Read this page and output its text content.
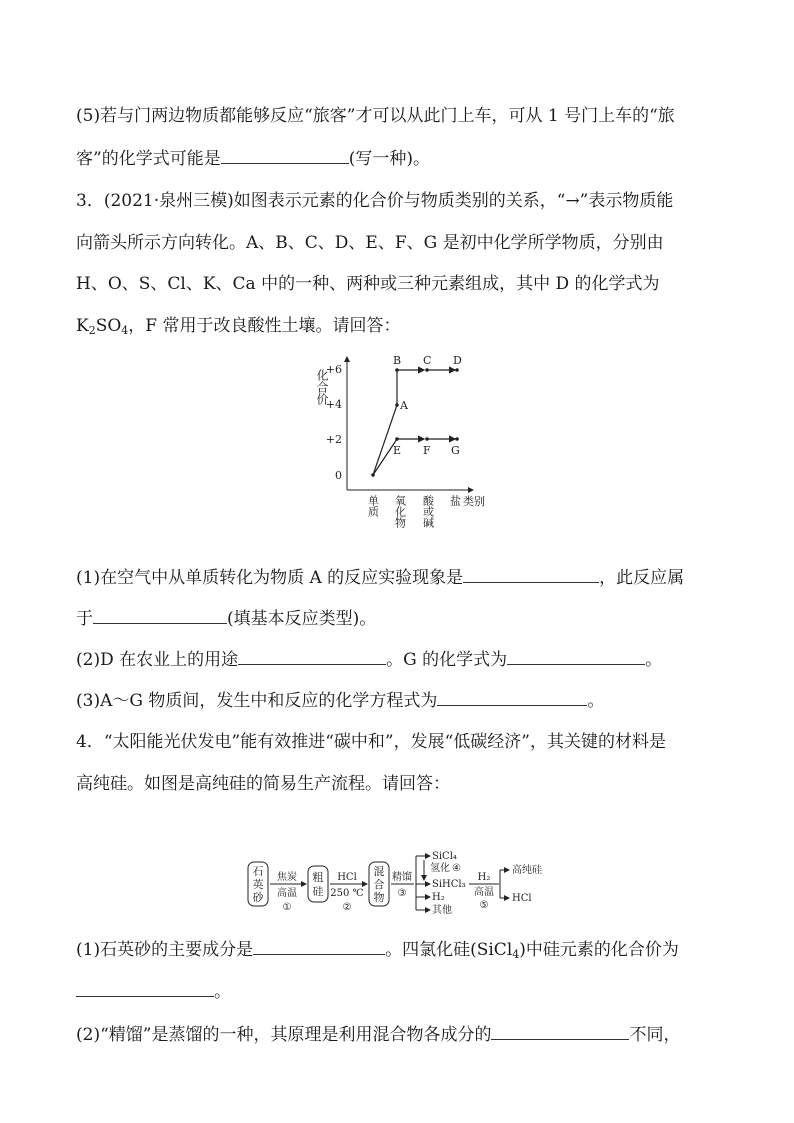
(5)若与门两边物质都能够反应“旅客”才可以从此门上车，可从 1 号门上车的“旅
客”的化学式可能是	(写一种)。
3．(2021·泉州三模)如图表示元素的化合价与物质类别的关系，“→”表示物质能
向箭头所示方向转化。A、B、C、D、E、F、G 是初中化学所学物质，分别由
H、O、S、Cl、K、Ca 中的一种、两种或三种元素组成，其中 D 的化学式为
$K_2SO_4$，F 常用于改良酸性土壤。请回答：
化合价
+6
+4
+2
0
A
B C D
E F G
单质 氧化物 酸或碱 盐 类别
(1)在空气中从单质转化为物质 A 的反应实验现象是	，此反应属
于	(填基本反应类型)。
(2)D 在农业上的用途	。G 的化学式为	。
(3)A～G 物质间，发生中和反应的化学方程式为	。
4．“太阳能光伏发电”能有效推进“碳中和”，发展“低碳经济”，其关键的材料是
高纯硅。如图是高纯硅的简易生产流程。请回答：
石
英
砂
焦炭
高温
①
粗
硅
HCl
250 ℃
②
混
合
物
精馏
③
SiCl₄
氢化 ④
SiHCl₃
H₂
其他
H₂
高温
⑤
高纯硅
HCl
(1)石英砂的主要成分是	。四氯化硅(SiCl$_4$)中硅元素的化合价为
。
(2)“精馏”是蒸馏的一种，其原理是利用混合物各成分的	不同，
